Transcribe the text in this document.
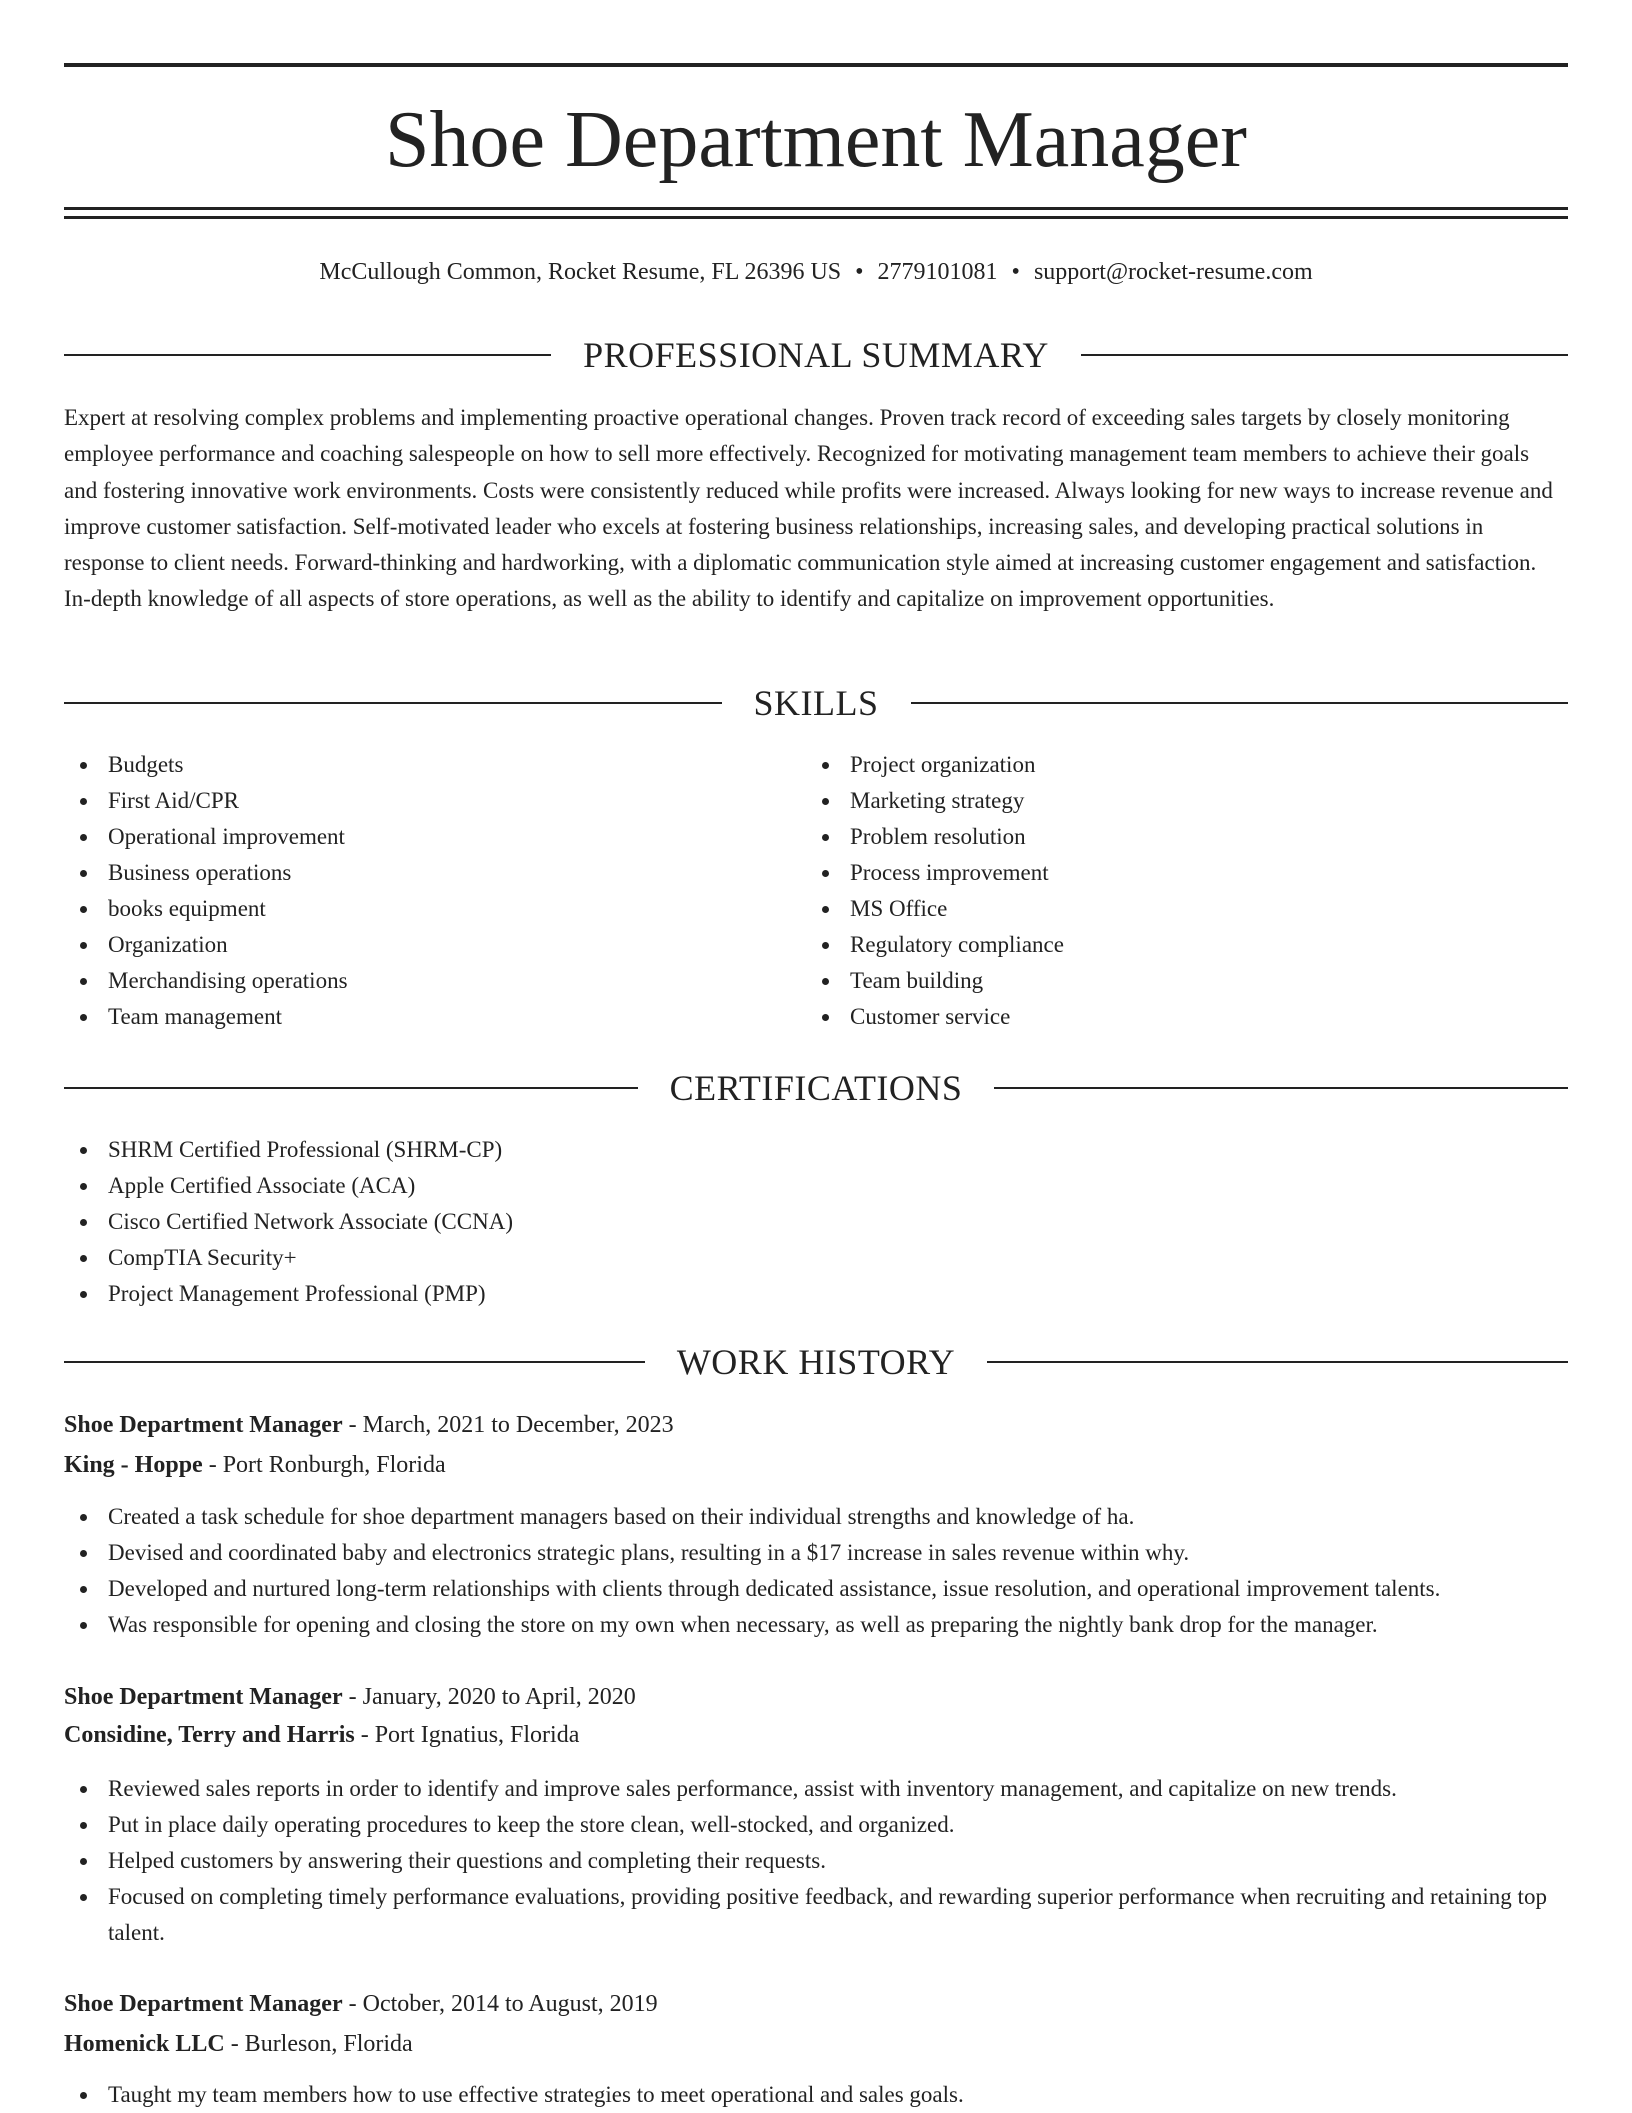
Shoe Department Manager
McCullough Common, Rocket Resume, FL 26396 US • 2779101081 • support@rocket-resume.com
PROFESSIONAL SUMMARY
Expert at resolving complex problems and implementing proactive operational changes. Proven track record of exceeding sales targets by closely monitoring employee performance and coaching salespeople on how to sell more effectively. Recognized for motivating management team members to achieve their goals and fostering innovative work environments. Costs were consistently reduced while profits were increased. Always looking for new ways to increase revenue and improve customer satisfaction. Self-motivated leader who excels at fostering business relationships, increasing sales, and developing practical solutions in response to client needs. Forward-thinking and hardworking, with a diplomatic communication style aimed at increasing customer engagement and satisfaction. In-depth knowledge of all aspects of store operations, as well as the ability to identify and capitalize on improvement opportunities.
SKILLS
Budgets
First Aid/CPR
Operational improvement
Business operations
books equipment
Organization
Merchandising operations
Team management
Project organization
Marketing strategy
Problem resolution
Process improvement
MS Office
Regulatory compliance
Team building
Customer service
CERTIFICATIONS
SHRM Certified Professional (SHRM-CP)
Apple Certified Associate (ACA)
Cisco Certified Network Associate (CCNA)
CompTIA Security+
Project Management Professional (PMP)
WORK HISTORY
Shoe Department Manager - March, 2021 to December, 2023
King - Hoppe - Port Ronburgh, Florida
Created a task schedule for shoe department managers based on their individual strengths and knowledge of ha.
Devised and coordinated baby and electronics strategic plans, resulting in a $17 increase in sales revenue within why.
Developed and nurtured long-term relationships with clients through dedicated assistance, issue resolution, and operational improvement talents.
Was responsible for opening and closing the store on my own when necessary, as well as preparing the nightly bank drop for the manager.
Shoe Department Manager - January, 2020 to April, 2020
Considine, Terry and Harris - Port Ignatius, Florida
Reviewed sales reports in order to identify and improve sales performance, assist with inventory management, and capitalize on new trends.
Put in place daily operating procedures to keep the store clean, well-stocked, and organized.
Helped customers by answering their questions and completing their requests.
Focused on completing timely performance evaluations, providing positive feedback, and rewarding superior performance when recruiting and retaining top talent.
Shoe Department Manager - October, 2014 to August, 2019
Homenick LLC - Burleson, Florida
Taught my team members how to use effective strategies to meet operational and sales goals.
